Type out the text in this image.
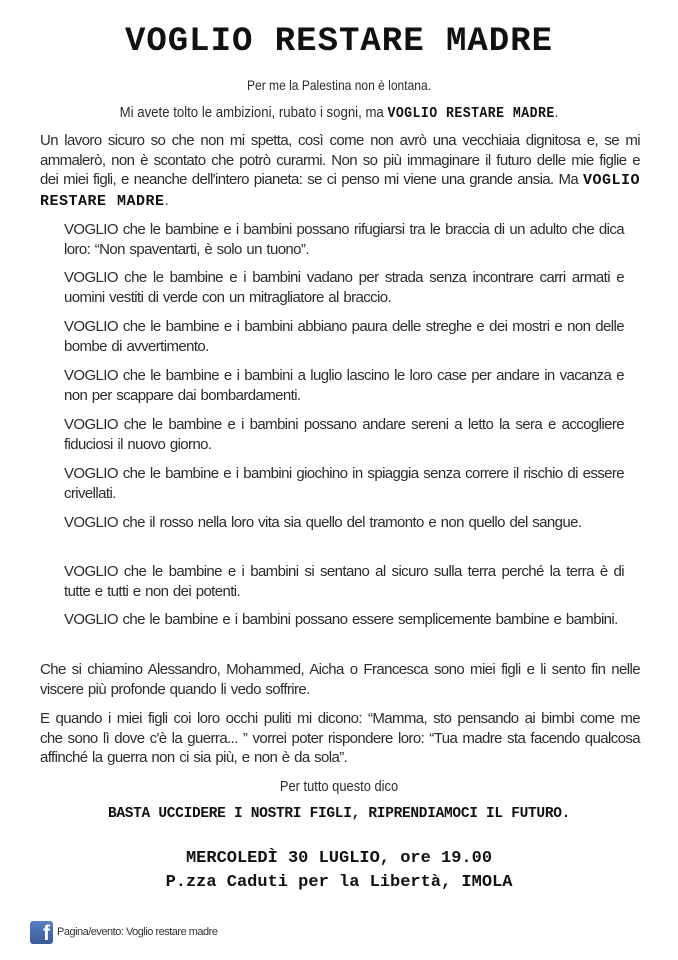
VOGLIO RESTARE MADRE
Per me la Palestina non è lontana.
Mi avete tolto le ambizioni, rubato i sogni, ma VOGLIO RESTARE MADRE.
Un lavoro sicuro so che non mi spetta, così come non avrò una vecchiaia dignitosa e, se mi ammalerò, non è scontato che potrò curarmi. Non so più immaginare il futuro delle mie figlie e dei miei figli, e neanche dell'intero pianeta: se ci penso mi viene una grande ansia. Ma VOGLIO RESTARE MADRE.
VOGLIO che le bambine e i bambini possano rifugiarsi tra le braccia di un adulto che dica loro: “Non spaventarti, è solo un tuono”.
VOGLIO che le bambine e i bambini vadano per strada senza incontrare carri armati e uomini vestiti di verde con un mitragliatore al braccio.
VOGLIO che le bambine e i bambini abbiano paura delle streghe e dei mostri e non delle bombe di avvertimento.
VOGLIO che le bambine e i bambini a luglio lascino le loro case per andare in vacanza e non per scappare dai bombardamenti.
VOGLIO che le bambine e i bambini possano andare sereni a letto la sera e accogliere fiduciosi il nuovo giorno.
VOGLIO che le bambine e i bambini giochino in spiaggia senza correre il rischio di essere crivellati.
VOGLIO che il rosso nella loro vita sia quello del tramonto e non quello del sangue.
VOGLIO che le bambine e i bambini si sentano al sicuro sulla terra perché la terra è di tutte e tutti e non dei potenti.
VOGLIO che le bambine e i bambini possano essere semplicemente bambine e bambini.
Che si chiamino Alessandro, Mohammed, Aicha o Francesca sono miei figli e li sento fin nelle viscere più profonde quando li vedo soffrire.
E quando i miei figli coi loro occhi puliti mi dicono: “Mamma, sto pensando ai bimbi come me che sono lì dove c'è la guerra... ” vorrei poter rispondere loro: “Tua madre sta facendo qualcosa affinché la guerra non ci sia più, e non è da sola”.
Per tutto questo dico
BASTA UCCIDERE I NOSTRI FIGLI, RIPRENDIAMOCI IL FUTURO.
MERCOLEDÌ 30 LUGLIO, ore 19.00
P.zza Caduti per la Libertà, IMOLA
f Pagina/evento: Voglio restare madre
